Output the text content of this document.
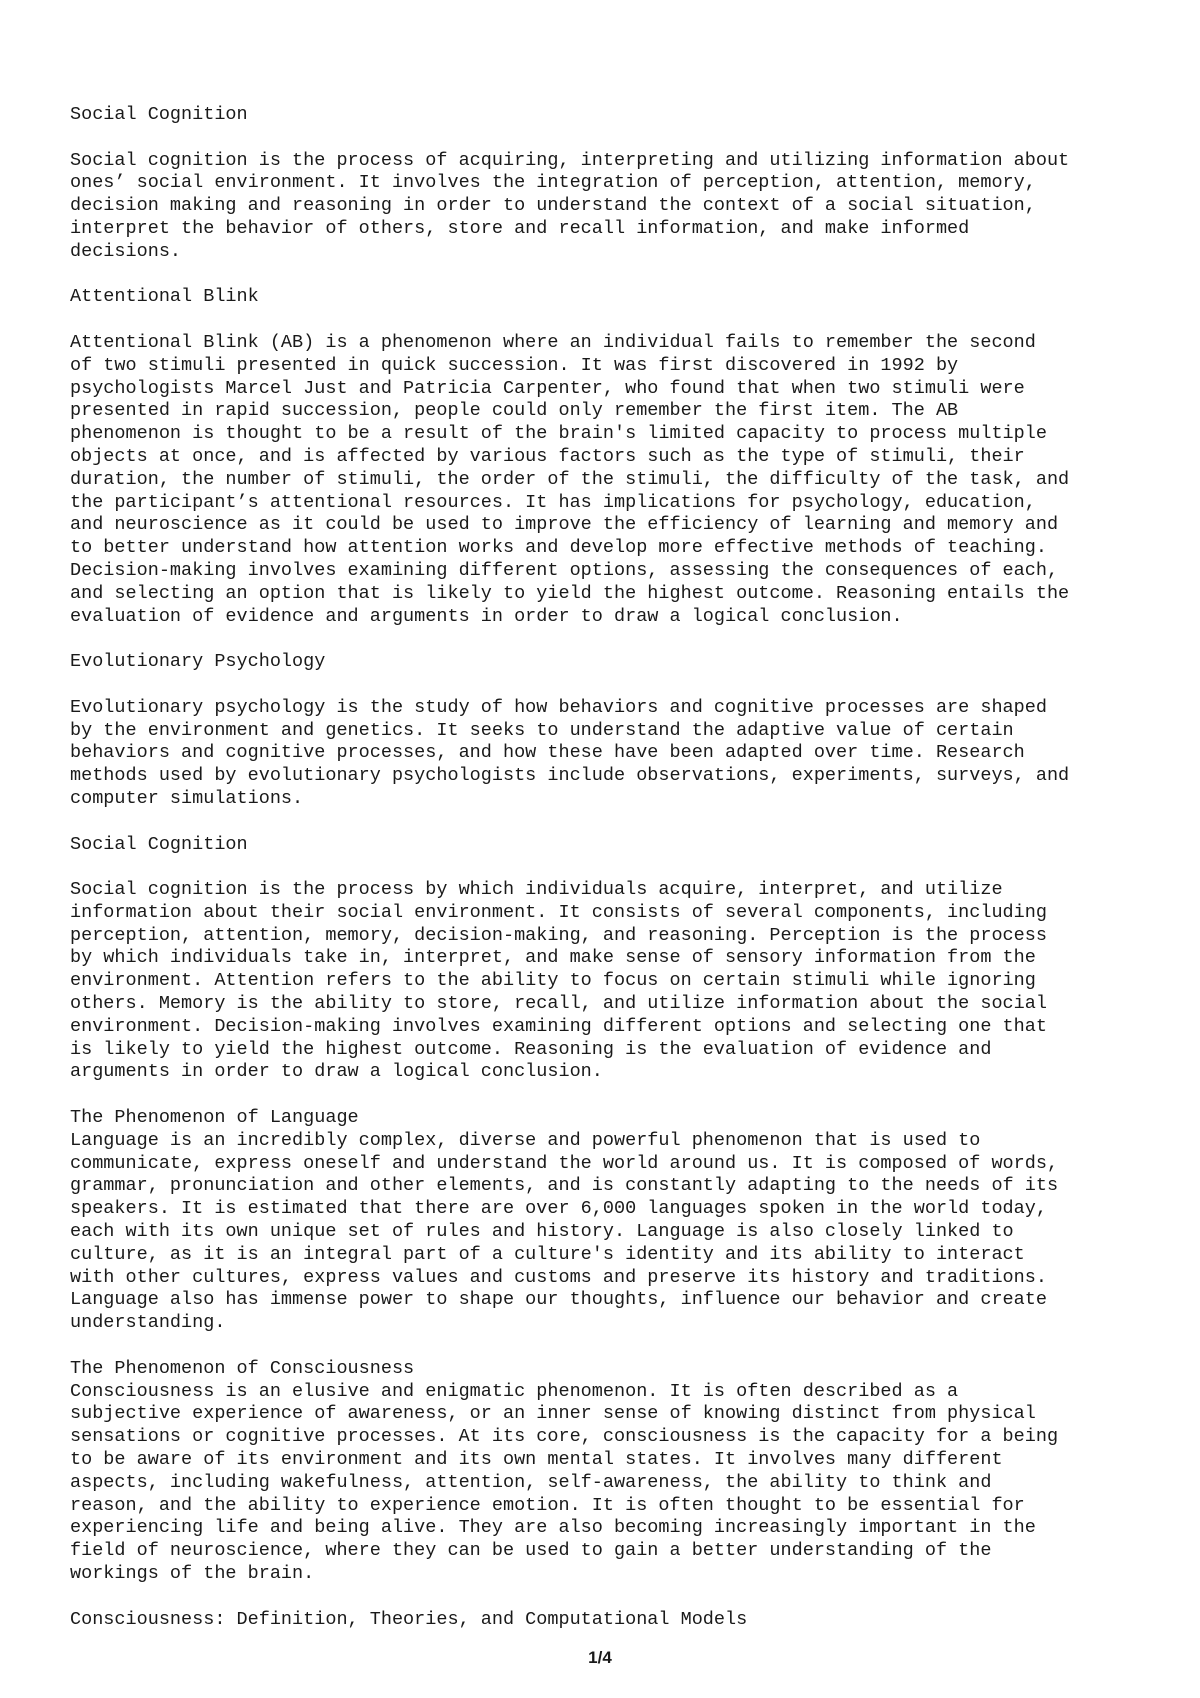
Social Cognition
Social cognition is the process of acquiring, interpreting and utilizing information about
ones’ social environment. It involves the integration of perception, attention, memory,
decision making and reasoning in order to understand the context of a social situation,
interpret the behavior of others, store and recall information, and make informed
decisions.
Attentional Blink
Attentional Blink (AB) is a phenomenon where an individual fails to remember the second
of two stimuli presented in quick succession. It was first discovered in 1992 by
psychologists Marcel Just and Patricia Carpenter, who found that when two stimuli were
presented in rapid succession, people could only remember the first item. The AB
phenomenon is thought to be a result of the brain's limited capacity to process multiple
objects at once, and is affected by various factors such as the type of stimuli, their
duration, the number of stimuli, the order of the stimuli, the difficulty of the task, and
the participant’s attentional resources. It has implications for psychology, education,
and neuroscience as it could be used to improve the efficiency of learning and memory and
to better understand how attention works and develop more effective methods of teaching.
Decision-making involves examining different options, assessing the consequences of each,
and selecting an option that is likely to yield the highest outcome. Reasoning entails the
evaluation of evidence and arguments in order to draw a logical conclusion.
Evolutionary Psychology
Evolutionary psychology is the study of how behaviors and cognitive processes are shaped
by the environment and genetics. It seeks to understand the adaptive value of certain
behaviors and cognitive processes, and how these have been adapted over time. Research
methods used by evolutionary psychologists include observations, experiments, surveys, and
computer simulations.
Social Cognition
Social cognition is the process by which individuals acquire, interpret, and utilize
information about their social environment. It consists of several components, including
perception, attention, memory, decision-making, and reasoning. Perception is the process
by which individuals take in, interpret, and make sense of sensory information from the
environment. Attention refers to the ability to focus on certain stimuli while ignoring
others. Memory is the ability to store, recall, and utilize information about the social
environment. Decision-making involves examining different options and selecting one that
is likely to yield the highest outcome. Reasoning is the evaluation of evidence and
arguments in order to draw a logical conclusion.
The Phenomenon of Language
Language is an incredibly complex, diverse and powerful phenomenon that is used to
communicate, express oneself and understand the world around us. It is composed of words,
grammar, pronunciation and other elements, and is constantly adapting to the needs of its
speakers. It is estimated that there are over 6,000 languages spoken in the world today,
each with its own unique set of rules and history. Language is also closely linked to
culture, as it is an integral part of a culture's identity and its ability to interact
with other cultures, express values and customs and preserve its history and traditions.
Language also has immense power to shape our thoughts, influence our behavior and create
understanding.
The Phenomenon of Consciousness
Consciousness is an elusive and enigmatic phenomenon. It is often described as a
subjective experience of awareness, or an inner sense of knowing distinct from physical
sensations or cognitive processes. At its core, consciousness is the capacity for a being
to be aware of its environment and its own mental states. It involves many different
aspects, including wakefulness, attention, self-awareness, the ability to think and
reason, and the ability to experience emotion. It is often thought to be essential for
experiencing life and being alive. They are also becoming increasingly important in the
field of neuroscience, where they can be used to gain a better understanding of the
workings of the brain.
Consciousness: Definition, Theories, and Computational Models
1/4
